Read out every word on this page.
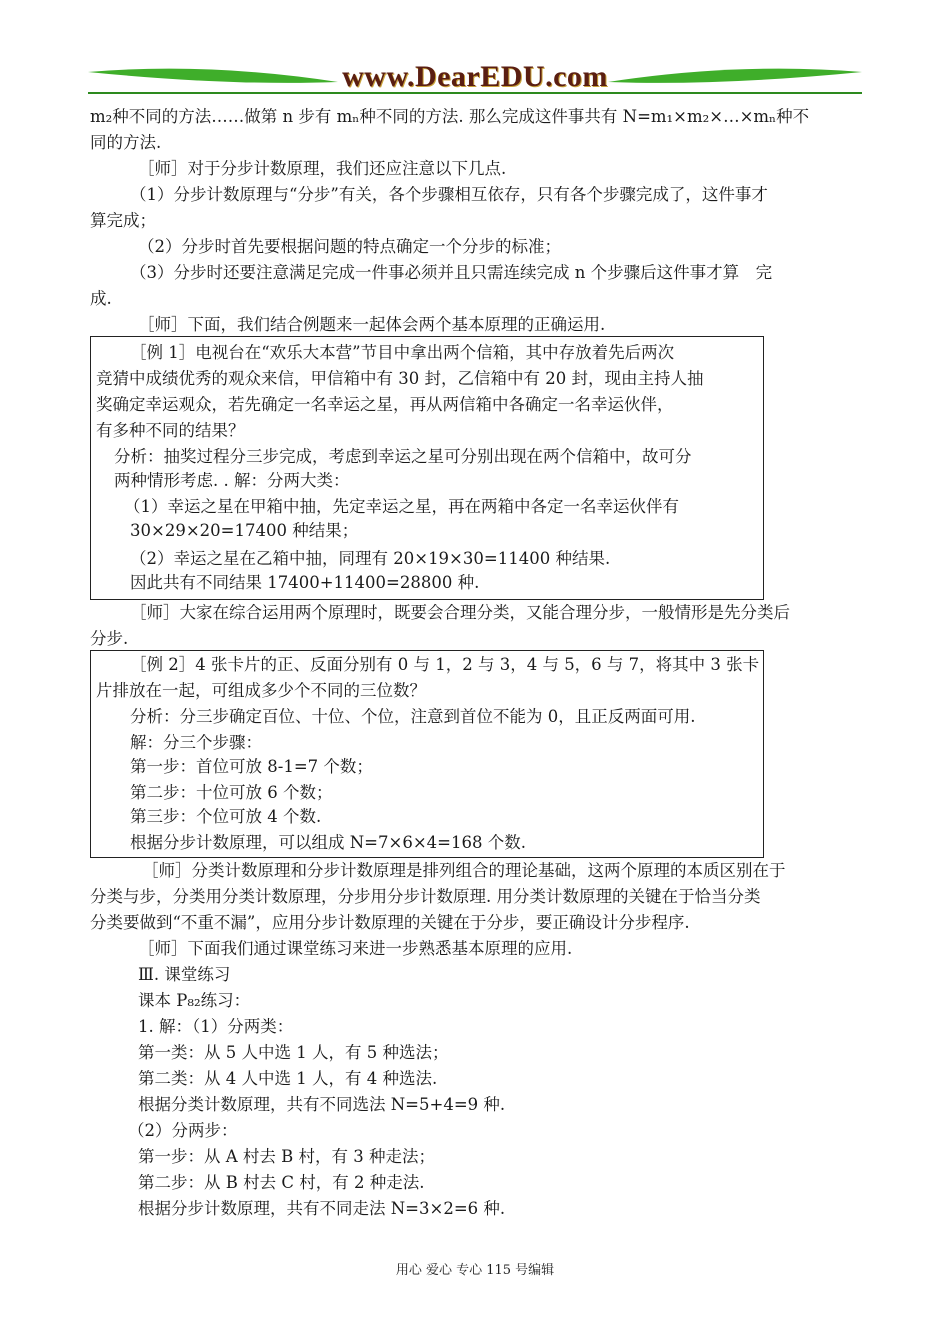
www.DearEDU.com
m₂种不同的方法……做第 n 步有 mₙ种不同的方法. 那么完成这件事共有 N=m₁×m₂×…×mₙ种不
同的方法.
［师］对于分步计数原理，我们还应注意以下几点.
（1）分步计数原理与“分步”有关，各个步骤相互依存，只有各个步骤完成了，这件事才
算完成；
（2）分步时首先要根据问题的特点确定一个分步的标准；
（3）分步时还要注意满足完成一件事必须并且只需连续完成 n 个步骤后这件事才算　完
成.
［师］下面，我们结合例题来一起体会两个基本原理的正确运用.
［例 1］电视台在“欢乐大本营”节目中拿出两个信箱，其中存放着先后两次
竞猜中成绩优秀的观众来信，甲信箱中有 30 封，乙信箱中有 20 封，现由主持人抽
奖确定幸运观众，若先确定一名幸运之星，再从两信箱中各确定一名幸运伙伴，
有多种不同的结果？
分析：抽奖过程分三步完成，考虑到幸运之星可分别出现在两个信箱中，故可分
两种情形考虑. . 解：分两大类：
（1）幸运之星在甲箱中抽，先定幸运之星，再在两箱中各定一名幸运伙伴有
30×29×20=17400 种结果；
（2）幸运之星在乙箱中抽，同理有 20×19×30=11400 种结果.
因此共有不同结果 17400+11400=28800 种.
［师］大家在综合运用两个原理时，既要会合理分类，又能合理分步，一般情形是先分类后
分步.
［例 2］4 张卡片的正、反面分别有 0 与 1，2 与 3，4 与 5，6 与 7，将其中 3 张卡
片排放在一起，可组成多少个不同的三位数？
分析：分三步确定百位、十位、个位，注意到首位不能为 0，且正反两面可用.
解：分三个步骤：
第一步：首位可放 8-1=7 个数；
第二步：十位可放 6 个数；
第三步：个位可放 4 个数.
根据分步计数原理，可以组成 N=7×6×4=168 个数.
［师］分类计数原理和分步计数原理是排列组合的理论基础，这两个原理的本质区别在于
分类与步，分类用分类计数原理，分步用分步计数原理. 用分类计数原理的关键在于恰当分类
分类要做到“不重不漏”，应用分步计数原理的关键在于分步，要正确设计分步程序.
［师］下面我们通过课堂练习来进一步熟悉基本原理的应用.
Ⅲ. 课堂练习
课本 P₈₂练习：
1. 解：（1）分两类：
第一类：从 5 人中选 1 人，有 5 种选法；
第二类：从 4 人中选 1 人，有 4 种选法.
根据分类计数原理，共有不同选法 N=5+4=9 种.
（2）分两步：
第一步：从 A 村去 B 村，有 3 种走法；
第二步：从 B 村去 C 村，有 2 种走法.
根据分步计数原理，共有不同走法 N=3×2=6 种.
用心 爱心 专心 115 号编辑
